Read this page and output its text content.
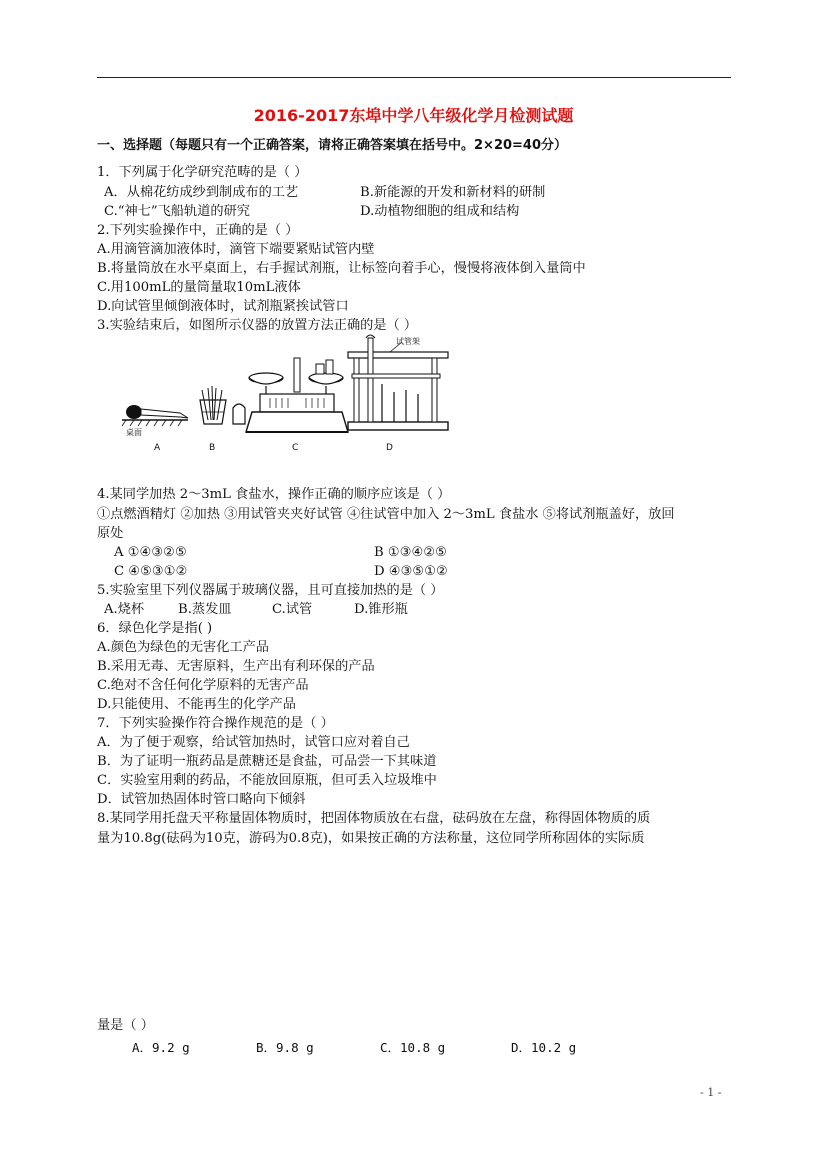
2016-2017东埠中学八年级化学月检测试题
一、选择题（每题只有一个正确答案，请将正确答案填在括号中。2×20=40分）
1．下列属于化学研究范畴的是（ ）
A．从棉花纺成纱到制成布的工艺	B.新能源的开发和新材料的研制
C.“神七”飞船轨道的研究	D.动植物细胞的组成和结构
2.下列实验操作中，正确的是（ ）
A.用滴管滴加液体时，滴管下端要紧贴试管内壁
B.将量筒放在水平桌面上，右手握试剂瓶，让标签向着手心，慢慢将液体倒入量筒中
C.用100mL的量筒量取10mL液体
D.向试管里倾倒液体时，试剂瓶紧挨试管口
3.实验结束后，如图所示仪器的放置方法正确的是（ ）
桌面
A	B	C
试管架
D
4.某同学加热 2～3mL 食盐水，操作正确的顺序应该是（ ）
①点燃酒精灯 ②加热 ③用试管夹夹好试管 ④往试管中加入 2～3mL 食盐水 ⑤将试剂瓶盖好，放回
原处
A ①④③②⑤	B ①③④②⑤
C ④⑤③①②	D ④③⑤①②
5.实验室里下列仪器属于玻璃仪器，且可直接加热的是（ ）
A.烧杯	B.蒸发皿	C.试管	D.锥形瓶
6．绿色化学是指( )
A.颜色为绿色的无害化工产品
B.采用无毒、无害原料，生产出有利环保的产品
C.绝对不含任何化学原料的无害产品
D.只能使用、不能再生的化学产品
7．下列实验操作符合操作规范的是（ ）
A．为了便于观察，给试管加热时，试管口应对着自己
B．为了证明一瓶药品是蔗糖还是食盐，可品尝一下其味道
C．实验室用剩的药品，不能放回原瓶，但可丢入垃圾堆中
D．试管加热固体时管口略向下倾斜
8.某同学用托盘天平称量固体物质时，把固体物质放在右盘，砝码放在左盘，称得固体物质的质
量为10.8g(砝码为10克，游码为0.8克)，如果按正确的方法称量，这位同学所称固体的实际质
量是（ ）
A．9.2 g	B．9.8 g	C．10.8 g	D．10.2 g
- 1 -
